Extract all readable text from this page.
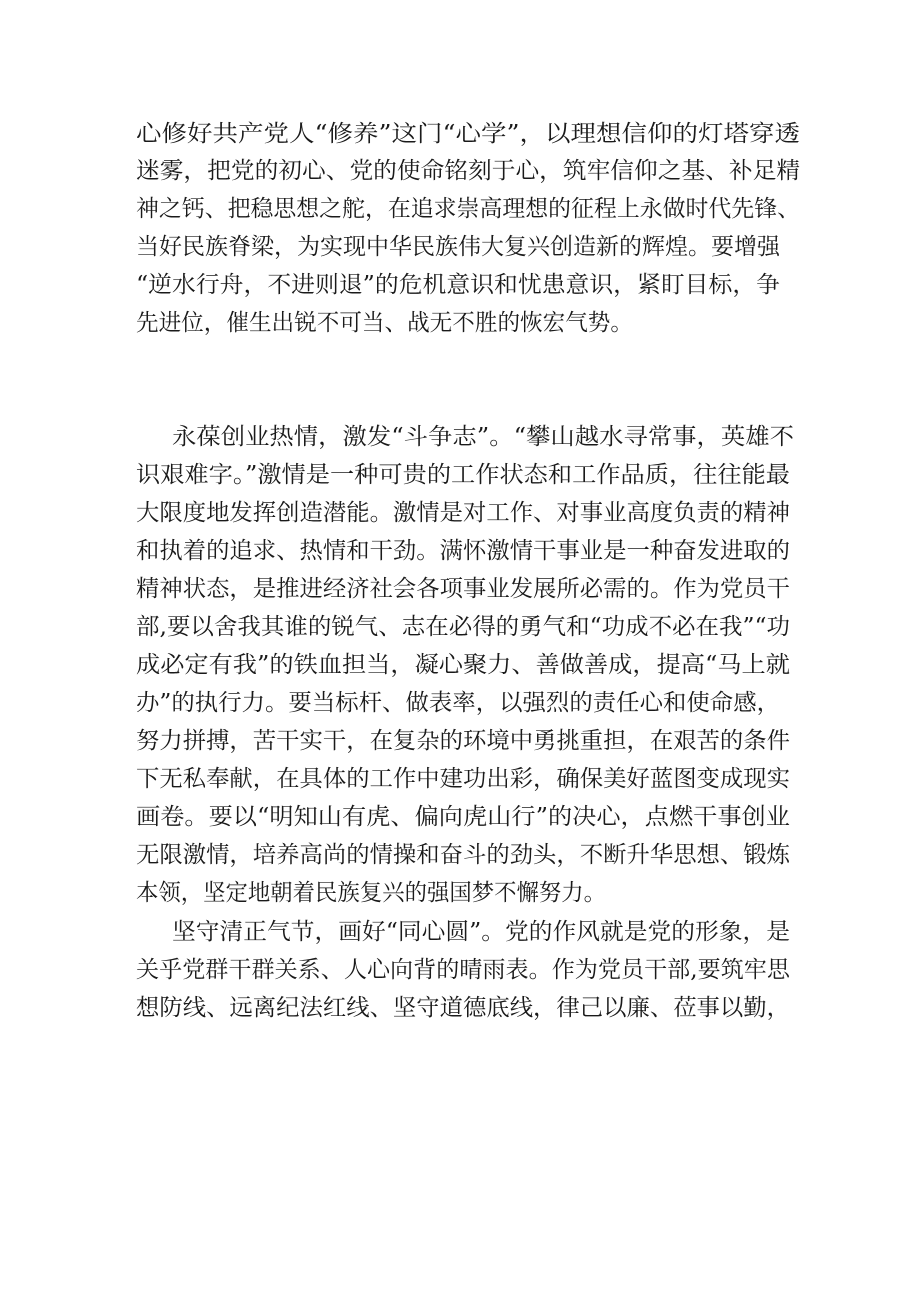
心修好共产党人“修养”这门“心学”，以理想信仰的灯塔穿透
迷雾，把党的初心、党的使命铭刻于心，筑牢信仰之基、补足精
神之钙、把稳思想之舵，在追求崇高理想的征程上永做时代先锋、
当好民族脊梁，为实现中华民族伟大复兴创造新的辉煌。要增强
“逆水行舟，不进则退”的危机意识和忧患意识，紧盯目标，争
先进位，催生出锐不可当、战无不胜的恢宏气势。
永葆创业热情，激发“斗争志”。“攀山越水寻常事，英雄不
识艰难字。”激情是一种可贵的工作状态和工作品质，往往能最
大限度地发挥创造潜能。激情是对工作、对事业高度负责的精神
和执着的追求、热情和干劲。满怀激情干事业是一种奋发进取的
精神状态，是推进经济社会各项事业发展所必需的。作为党员干
部,要以舍我其谁的锐气、志在必得的勇气和“功成不必在我”“功
成必定有我”的铁血担当，凝心聚力、善做善成，提高“马上就
办”的执行力。要当标杆、做表率，以强烈的责任心和使命感，
努力拼搏，苦干实干，在复杂的环境中勇挑重担，在艰苦的条件
下无私奉献，在具体的工作中建功出彩，确保美好蓝图变成现实
画卷。要以“明知山有虎、偏向虎山行”的决心，点燃干事创业
无限激情，培养高尚的情操和奋斗的劲头，不断升华思想、锻炼
本领，坚定地朝着民族复兴的强国梦不懈努力。
坚守清正气节，画好“同心圆”。党的作风就是党的形象，是
关乎党群干群关系、人心向背的晴雨表。作为党员干部,要筑牢思
想防线、远离纪法红线、坚守道德底线，律己以廉、莅事以勤，
